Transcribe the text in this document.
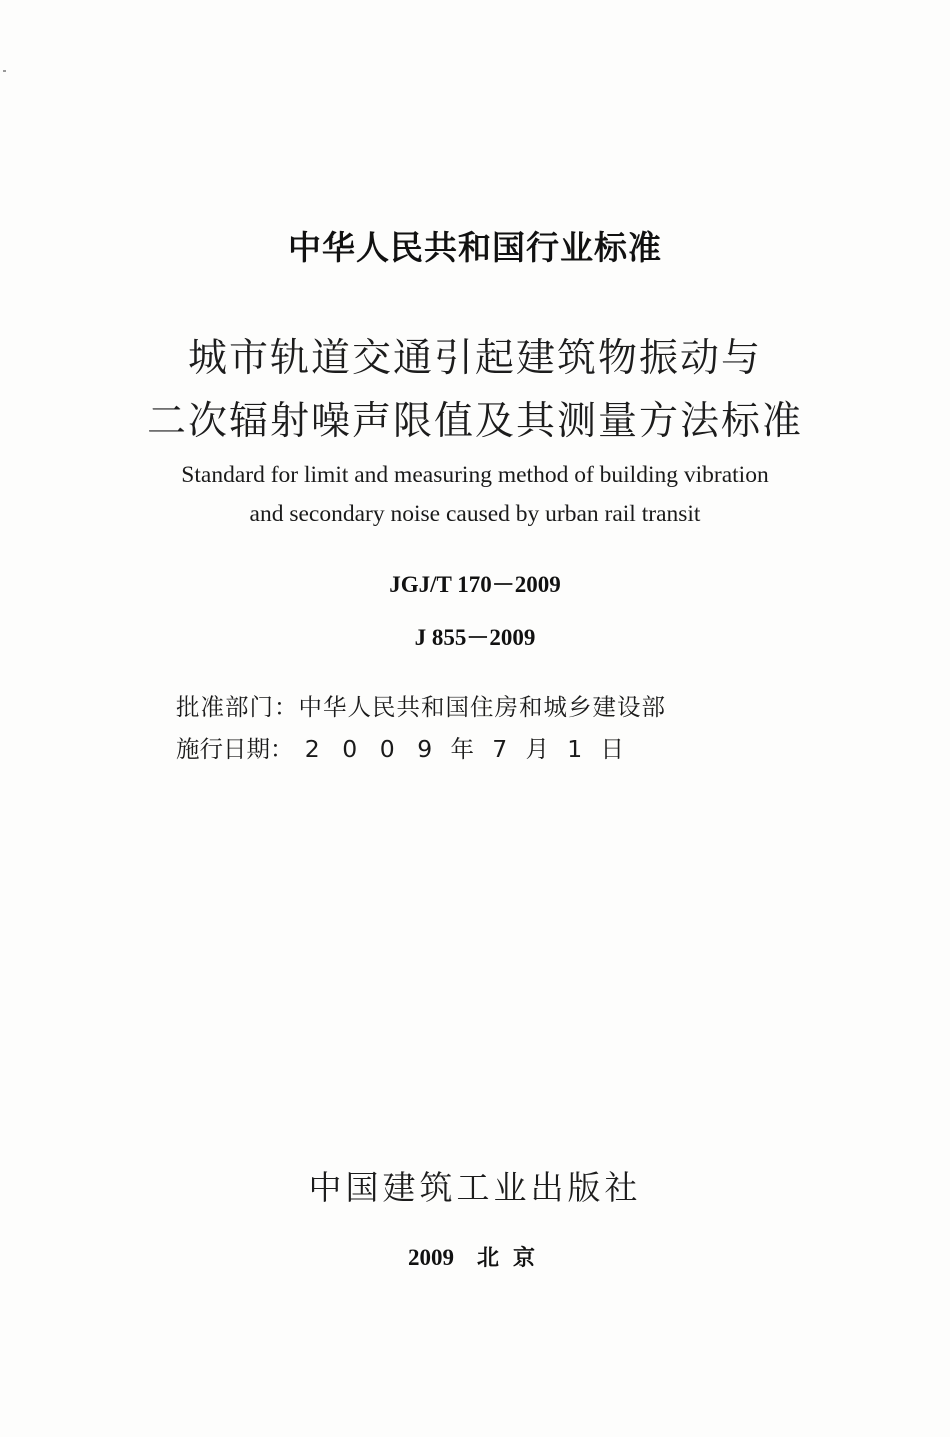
中华人民共和国行业标准
城市轨道交通引起建筑物振动与
二次辐射噪声限值及其测量方法标准
Standard for limit and measuring method of building vibration
and secondary noise caused by urban rail transit
JGJ/T 170－2009
J 855－2009
批准部门：中华人民共和国住房和城乡建设部
施行日期： 2 0 0 9 年 7 月 1 日
中国建筑工业出版社
2009 北 京
